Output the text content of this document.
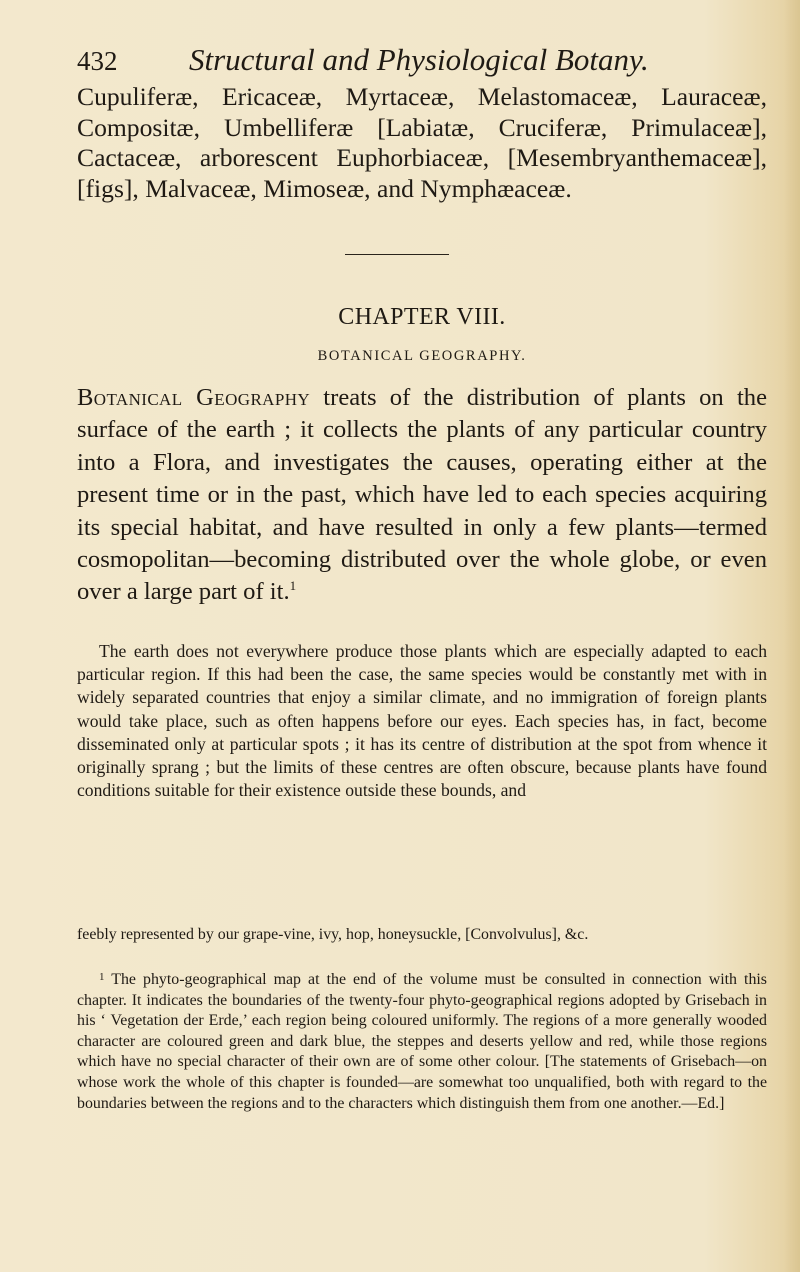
432 Structural and Physiological Botany.

Cupuliferæ, Ericaceæ, Myrtaceæ, Melastomaceæ, Lauraceæ, Compositæ, Umbelliferæ [Labiatæ, Cruciferæ, Primulaceæ], Cactaceæ, arborescent Euphorbiaceæ, [Mesembryanthemaceæ], [figs], Malvaceæ, Mimoseæ, and Nymphæaceæ.

CHAPTER VIII.
BOTANICAL GEOGRAPHY.

Botanical Geography treats of the distribution of plants on the surface of the earth ; it collects the plants of any particular country into a Flora, and investigates the causes, operating either at the present time or in the past, which have led to each species acquiring its special habitat, and have resulted in only a few plants—termed cosmopolitan—becoming distributed over the whole globe, or even over a large part of it.$^1$

The earth does not everywhere produce those plants which are especially adapted to each particular region. If this had been the case, the same species would be constantly met with in widely separated countries that enjoy a similar climate, and no immigration of foreign plants would take place, such as often happens before our eyes. Each species has, in fact, become disseminated only at particular spots ; it has its centre of distribution at the spot from whence it originally sprang ; but the limits of these centres are often obscure, because plants have found conditions suitable for their existence outside these bounds, and

feebly represented by our grape-vine, ivy, hop, honeysuckle, [Convolvulus], &c.

$^1$ The phyto-geographical map at the end of the volume must be consulted in connection with this chapter. It indicates the boundaries of the twenty-four phyto-geographical regions adopted by Grisebach in his ‘ Vegetation der Erde,’ each region being coloured uniformly. The regions of a more generally wooded character are coloured green and dark blue, the steppes and deserts yellow and red, while those regions which have no special character of their own are of some other colour. [The statements of Grisebach—on whose work the whole of this chapter is founded—are somewhat too unqualified, both with regard to the boundaries between the regions and to the characters which distinguish them from one another.—Ed.]
